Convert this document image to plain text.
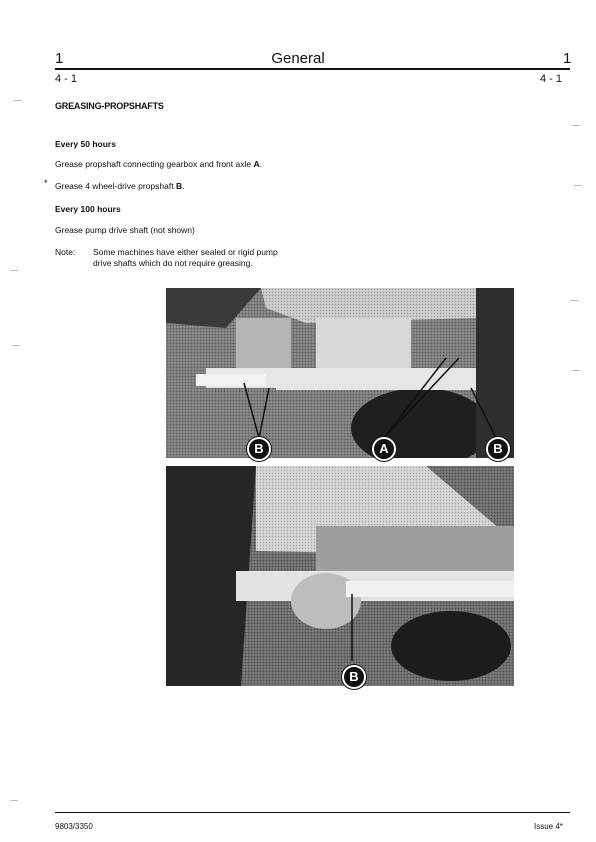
1	General	1
4 - 1	4 - 1
GREASING-PROPSHAFTS
Every 50 hours
Grease propshaft connecting gearbox and front axle A.
* Grease 4 wheel-drive propshaft B.
Every 100 hours
Grease pump drive shaft (not shown)
Note: Some machines have either sealed or rigid pump
drive shafts which do not require greasing.
B	A	B
B
9803/3350	Issue 4*
